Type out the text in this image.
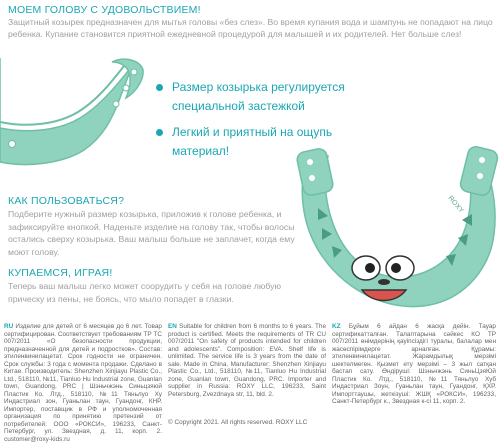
МОЕМ ГОЛОВУ С УДОВОЛЬСТВИЕМ!
Защитный козырек предназначен для мытья головы «без слез». Во время купания вода и шампунь не попадают на лицо ребенка. Купание становится приятной ежедневной процедурой для малышей и их родителей. Нет больше слез!
Размер козырька регулируется специальной застежкой
Легкий и приятный на ощупь материал!
ROXY
КАК ПОЛЬЗОВАТЬСЯ?
Подберите нужный размер козырька, приложив к голове ребенка, и зафиксируйте кнопкой. Наденьте изделие на голову так, чтобы волосы остались сверху козырька. Ваш малыш больше не заплачет, когда ему моют голову.
КУПАЕМСЯ, ИГРАЯ!
Теперь ваш малыш легко может соорудить у себя на голове любую прическу из пены, не боясь, что мыло попадет в глазки.
RU Изделие для детей от 6 месяцев до 6 лет. Товар сертифицирован. Соответствует требованиям ТР ТС 007/2011 «О безопасности продукции, предназначенной для детей и подростков». Состав: этиленвинилацетат. Срок годности не ограничен. Срок службы: 3 года с момента продажи. Сделано в Китае. Производитель: Shenzhen Xinjiayu Plastic Co., Ltd., 518110, №11, Tianluo Hu Industrial zone, Guanlan town, Guandong, PRC | Шэньчжэнь Синьцзяюй Пластик Ко. Лтд., 518110, №11 Тяньлуо Ху Индастриал зон, Гуаньлан таун, Гуандонг, КНР. Импортер, поставщик в РФ и уполномоченная организация по принятию претензий от потребителей: ООО «РОКСИ», 196233, Санкт-Петербург, ул. Звездная, д. 11, корп. 2. customer@roxy-kids.ru
EN Suitable for children from 6 months to 6 years. The product is certified. Meets the requirements of TR CU 007/2011 "On safety of products intended for children and adolescents". Composition: EVA. Shelf life is unlimited. The service life is 3 years from the date of sale. Made in China. Manufacturer: Shenzhen Xinjiayu Plastic Co., Ltd., 518110, №11, Tianluo Hu Industrial zone, Guanlan town, Guandong, PRC. Importer and supplier in Russia: ROXY LLC, 196233, Saint Petersburg, Zvezdnaya str, 11, bld. 2.
© Copyright 2021. All rights reserved. ROXY LLC
KZ Бұйым 6 айдан 6 жасқа дейін. Тауар сертификатталған. Талаптарына сәйкес КО ТР 007/2011 өнімдерінің қауіпсіздігі туралы, балалар мен жасөспірімдерге арналған. Құрамы: этиленвинилацетат. Жарамдылық мерзімі шектелмеген. Қызмет ету мерзімі – 3 жыл сатқан бастап сату. Өндіруші: Шэньчжэнь СиньЦзяЮй Пластик Ко. Лтд., 518110, №11 Тяньлуо Хуб Индастриал Зоун, Гуаньлан таун, Гуандонг, ҚХР. Импорттаушы, жеткізуші: ЖШҚ «РОКСИ», 196233, Санкт-Петербург к., Звездная к-сі 11, корп. 2.
